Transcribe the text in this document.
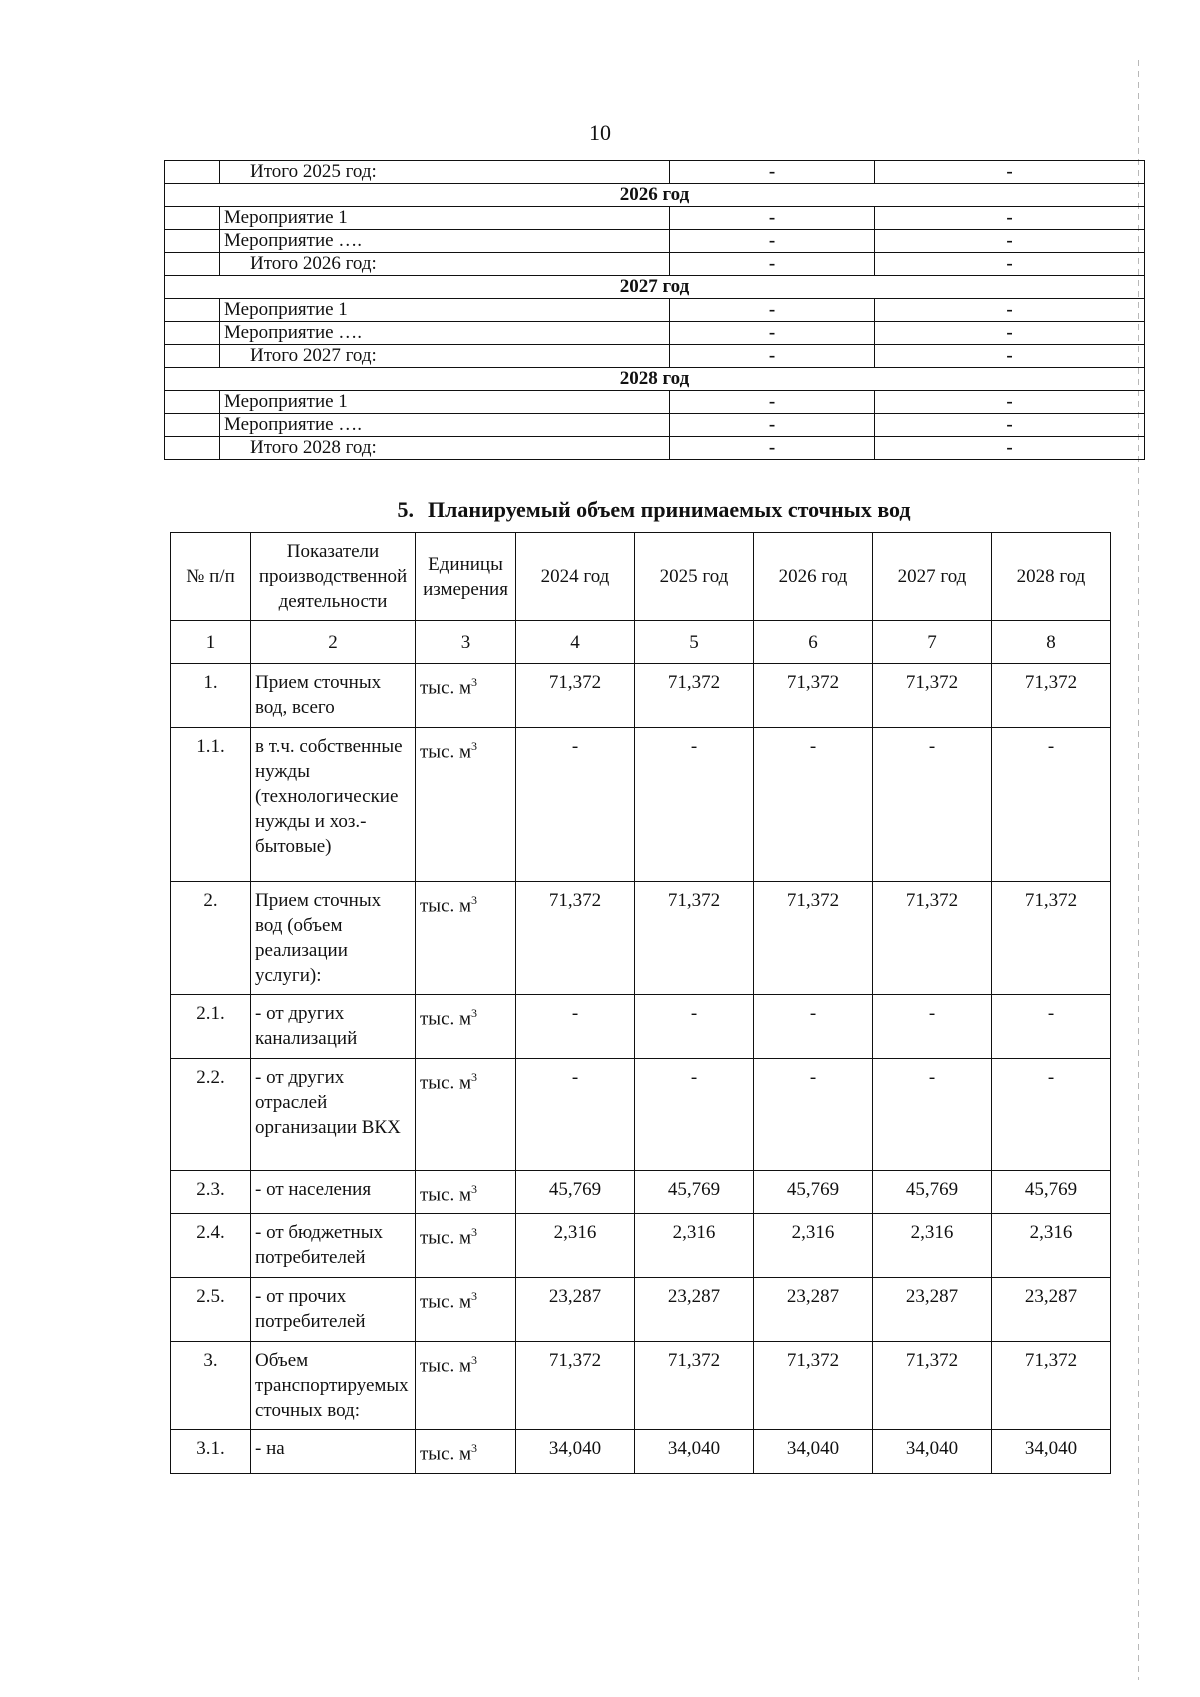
10
	Итого 2025 год:	-	-
2026 год			
	Мероприятие 1	-	-
	Мероприятие ….	-	-
	Итого 2026 год:	-	-
2027 год			
	Мероприятие 1	-	-
	Мероприятие ….	-	-
	Итого 2027 год:	-	-
2028 год			
	Мероприятие 1	-	-
	Мероприятие ….	-	-
	Итого 2028 год:	-	-
5. Планируемый объем принимаемых сточных вод
№ п/п	Показатели производственной деятельности	Единицы измерения	2024 год	2025 год	2026 год	2027 год	2028 год
1	2	3	4	5	6	7	8
1.	Прием сточных вод, всего	тыс. $м^3$	71,372	71,372	71,372	71,372	71,372
1.1.	в т.ч. собственные нужды (технологические нужды и хоз.-бытовые)	тыс. $м^3$	-	-	-	-	-
2.	Прием сточных вод (объем реализации услуги):	тыс. $м^3$	71,372	71,372	71,372	71,372	71,372
2.1.	- от других канализаций	тыс. $м^3$	-	-	-	-	-
2.2.	- от других отраслей организации ВКХ	тыс. $м^3$	-	-	-	-	-
2.3.	- от населения	тыс. $м^3$	45,769	45,769	45,769	45,769	45,769
2.4.	- от бюджетных потребителей	тыс. $м^3$	2,316	2,316	2,316	2,316	2,316
2.5.	- от прочих потребителей	тыс. $м^3$	23,287	23,287	23,287	23,287	23,287
3.	Объем транспортируемых сточных вод:	тыс. $м^3$	71,372	71,372	71,372	71,372	71,372
3.1.	- на	тыс. $м^3$	34,040	34,040	34,040	34,040	34,040
